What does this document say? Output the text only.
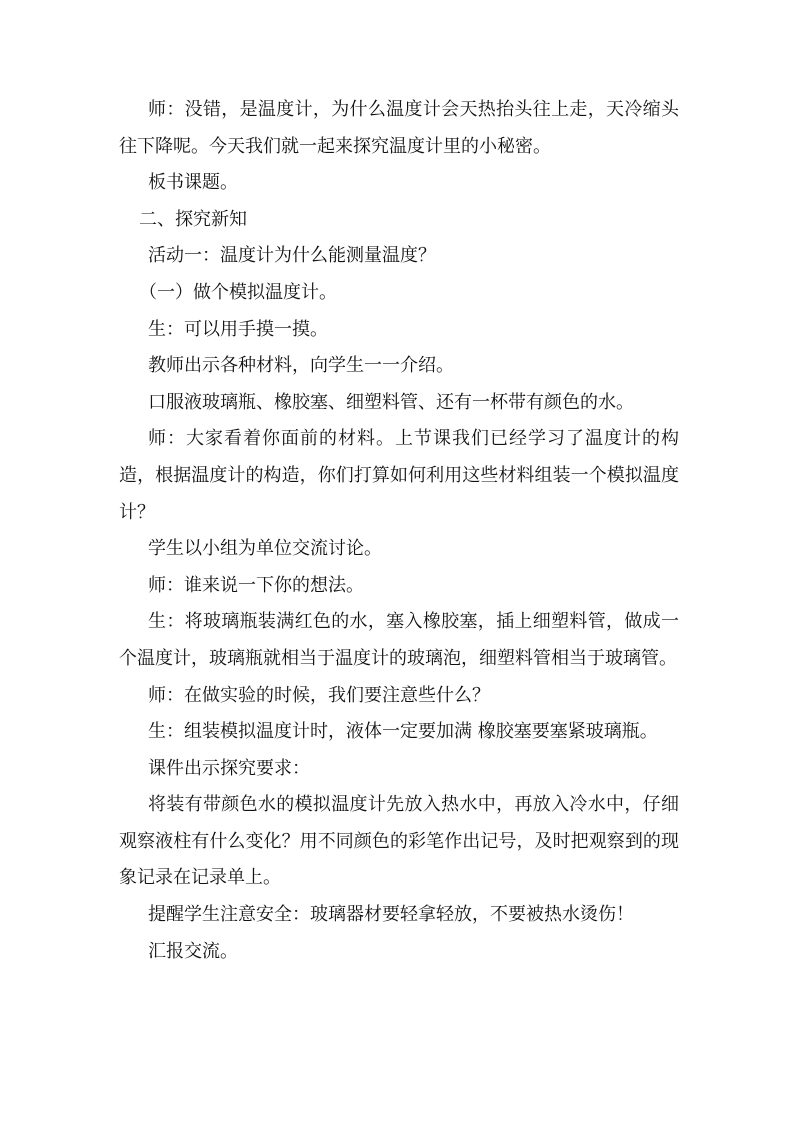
师：没错，是温度计，为什么温度计会天热抬头往上走，天冷缩头往下降呢。今天我们就一起来探究温度计里的小秘密。

板书课题。

二、探究新知

活动一：温度计为什么能测量温度？

（一）做个模拟温度计。

生：可以用手摸一摸。

教师出示各种材料，向学生一一介绍。

口服液玻璃瓶、橡胶塞、细塑料管、还有一杯带有颜色的水。

师：大家看着你面前的材料。上节课我们已经学习了温度计的构造，根据温度计的构造，你们打算如何利用这些材料组装一个模拟温度计？

学生以小组为单位交流讨论。

师：谁来说一下你的想法。

生：将玻璃瓶装满红色的水，塞入橡胶塞，插上细塑料管，做成一个温度计，玻璃瓶就相当于温度计的玻璃泡，细塑料管相当于玻璃管。

师：在做实验的时候，我们要注意些什么？

生：组装模拟温度计时，液体一定要加满 橡胶塞要塞紧玻璃瓶。

课件出示探究要求：

将装有带颜色水的模拟温度计先放入热水中，再放入冷水中，仔细观察液柱有什么变化？用不同颜色的彩笔作出记号，及时把观察到的现象记录在记录单上。

提醒学生注意安全：玻璃器材要轻拿轻放，不要被热水烫伤！

汇报交流。
